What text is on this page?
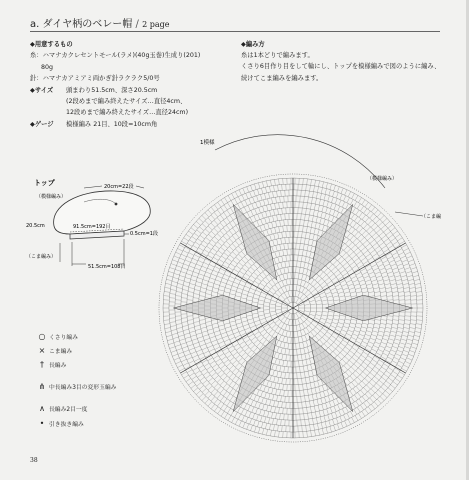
a. ダイヤ柄のベレー帽 / 2 page
◆用意するもの
糸：ハマナカクレセントモール(ラメ)(40g玉巻)生成り(201)
80g
針：ハマナカアミアミ両かぎ針ラクラク5/0号
◆サイズ 頭まわり51.5cm、深さ20.5cm
(2段めまで編み終えたサイズ…直径4cm、
12段めまで編み終えたサイズ…直径24cm)
◆ゲージ 模様編み 21目、10段=10cm角
◆編み方
糸は1本どりで編みます。
くさり6目作り目をして輪にし、トップを模様編みで図のように編み、続けてこま編みを編みます。
トップ
（模様編み）
20cm=22段
20.5cm	91.5cm=192目
0.5cm=1段
（こま編み）
51.5cm=108目
1模様
（模様編み）
（こま編
○ くさり編み
× こま編み
† 長編み
⋔ 中長編み3目の変形玉編み
∧ 長編み2目一度
• 引き抜き編み
38
